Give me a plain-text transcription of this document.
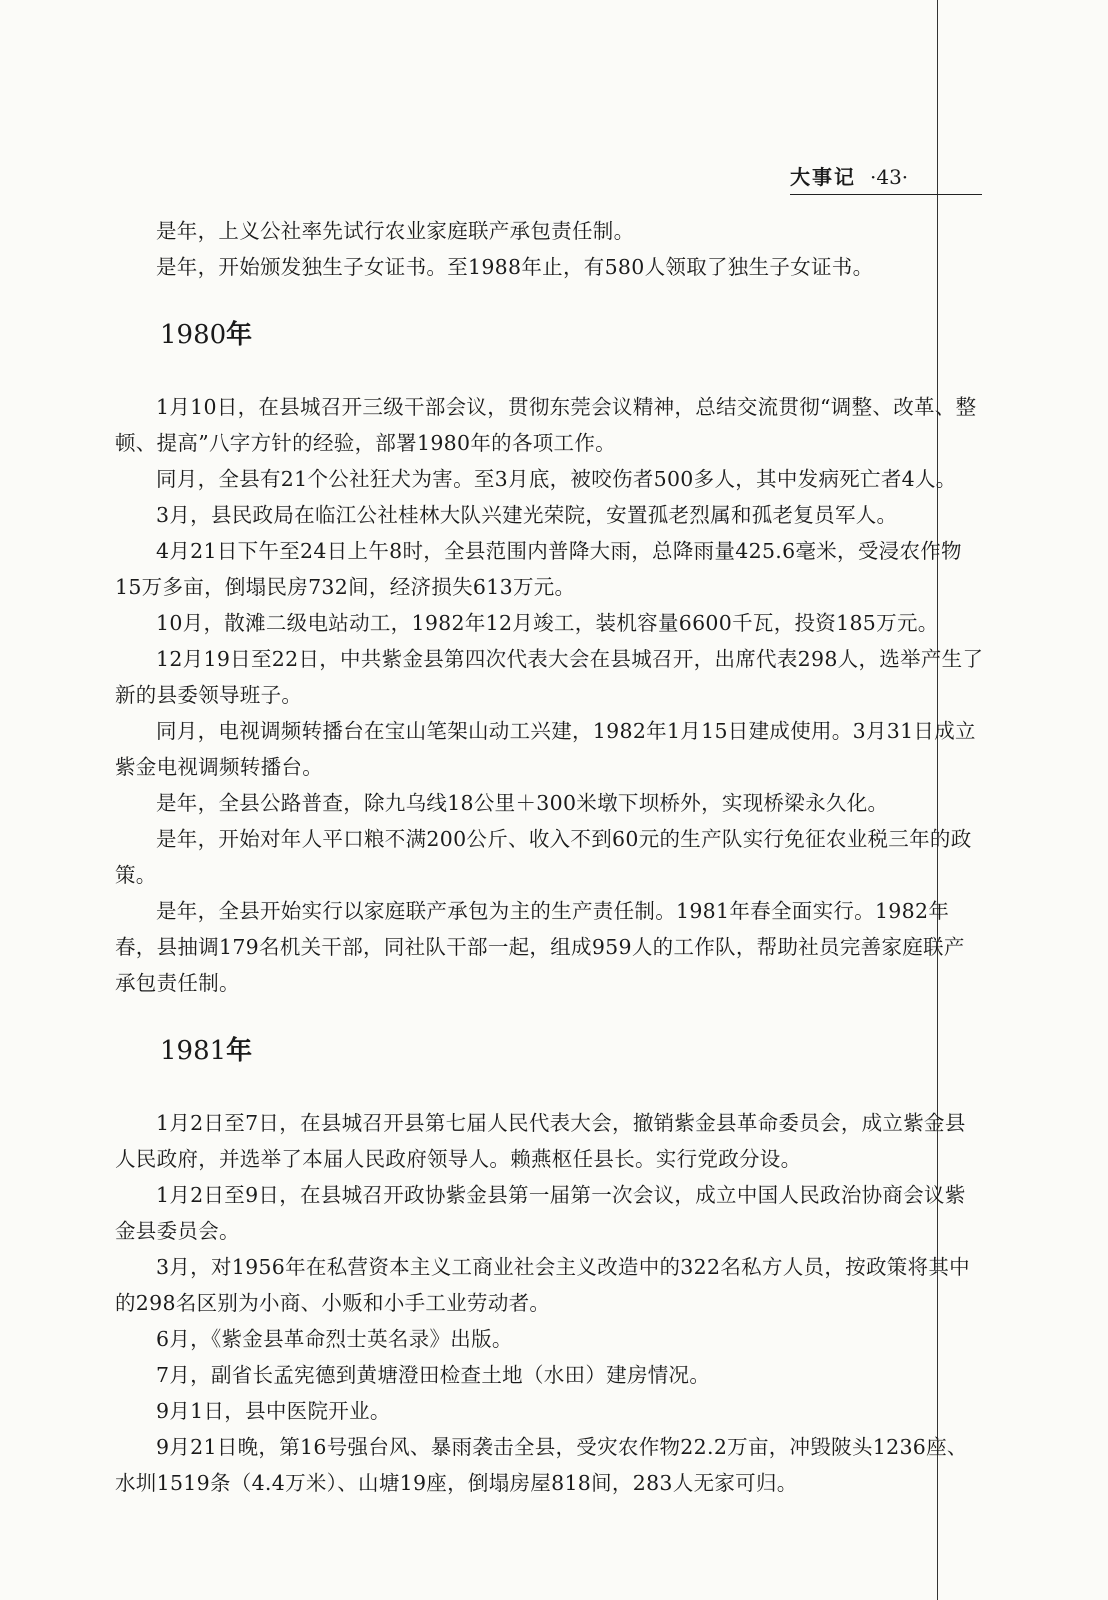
大事记 ·43·

是年，上义公社率先试行农业家庭联产承包责任制。

是年，开始颁发独生子女证书。至1988年止，有580人领取了独生子女证书。

1980年

1月10日，在县城召开三级干部会议，贯彻东莞会议精神，总结交流贯彻“调整、改革、整顿、提高”八字方针的经验，部署1980年的各项工作。

同月，全县有21个公社狂犬为害。至3月底，被咬伤者500多人，其中发病死亡者4人。

3月，县民政局在临江公社桂林大队兴建光荣院，安置孤老烈属和孤老复员军人。

4月21日下午至24日上午8时，全县范围内普降大雨，总降雨量425.6毫米，受浸农作物15万多亩，倒塌民房732间，经济损失613万元。

10月，散滩二级电站动工，1982年12月竣工，装机容量6600千瓦，投资185万元。

12月19日至22日，中共紫金县第四次代表大会在县城召开，出席代表298人，选举产生了新的县委领导班子。

同月，电视调频转播台在宝山笔架山动工兴建，1982年1月15日建成使用。3月31日成立紫金电视调频转播台。

是年，全县公路普查，除九乌线18公里＋300米墩下坝桥外，实现桥梁永久化。

是年，开始对年人平口粮不满200公斤、收入不到60元的生产队实行免征农业税三年的政策。

是年，全县开始实行以家庭联产承包为主的生产责任制。1981年春全面实行。1982年春，县抽调179名机关干部，同社队干部一起，组成959人的工作队，帮助社员完善家庭联产承包责任制。

1981年

1月2日至7日，在县城召开县第七届人民代表大会，撤销紫金县革命委员会，成立紫金县人民政府，并选举了本届人民政府领导人。赖燕枢任县长。实行党政分设。

1月2日至9日，在县城召开政协紫金县第一届第一次会议，成立中国人民政治协商会议紫金县委员会。

3月，对1956年在私营资本主义工商业社会主义改造中的322名私方人员，按政策将其中的298名区别为小商、小贩和小手工业劳动者。

6月，《紫金县革命烈士英名录》出版。

7月，副省长孟宪德到黄塘澄田检查土地（水田）建房情况。

9月1日，县中医院开业。

9月21日晚，第16号强台风、暴雨袭击全县，受灾农作物22.2万亩，冲毁陂头1236座、水圳1519条（4.4万米）、山塘19座，倒塌房屋818间，283人无家可归。
